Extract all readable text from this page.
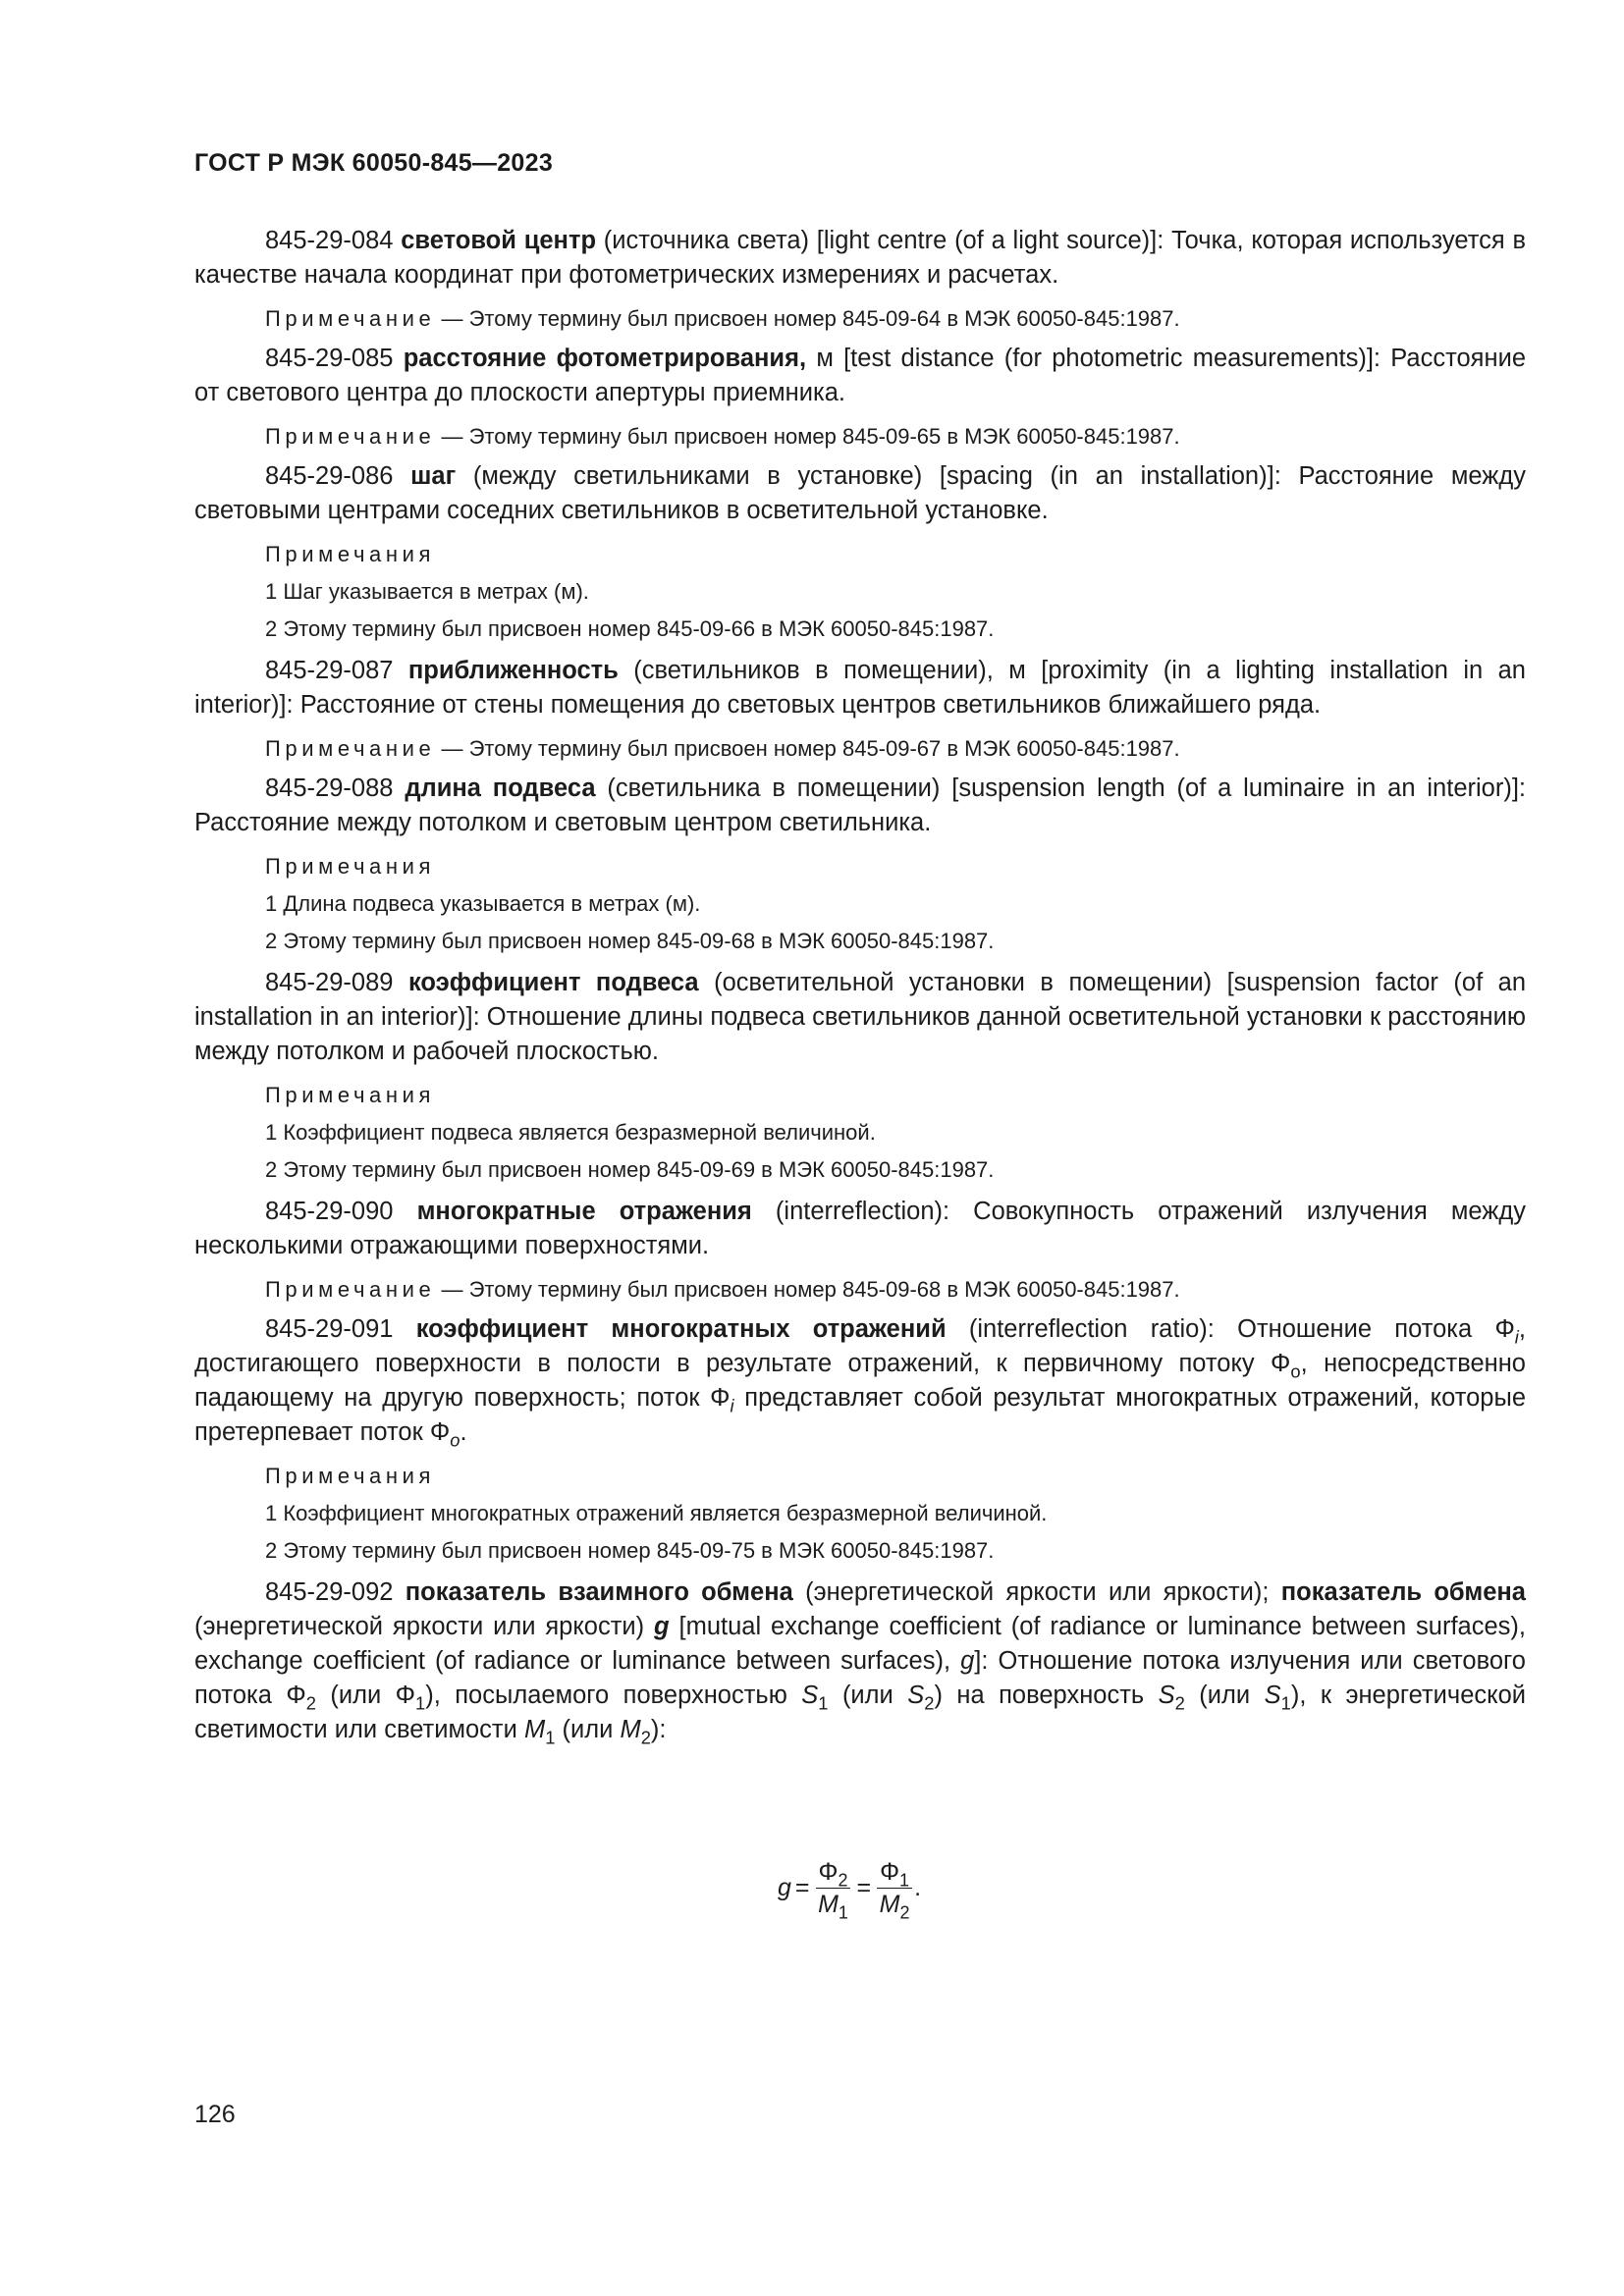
ГОСТ Р МЭК 60050-845—2023

845-29-084 световой центр (источника света) [light centre (of a light source)]: Точка, которая используется в качестве начала координат при фотометрических измерениях и расчетах.

Примечание — Этому термину был присвоен номер 845-09-64 в МЭК 60050-845:1987.

845-29-085 расстояние фотометрирования, м [test distance (for photometric measurements)]: Расстояние от светового центра до плоскости апертуры приемника.

Примечание — Этому термину был присвоен номер 845-09-65 в МЭК 60050-845:1987.

845-29-086 шаг (между светильниками в установке) [spacing (in an installation)]: Расстояние между световыми центрами соседних светильников в осветительной установке.

Примечания
1 Шаг указывается в метрах (м).
2 Этому термину был присвоен номер 845-09-66 в МЭК 60050-845:1987.

845-29-087 приближенность (светильников в помещении), м [proximity (in a lighting installation in an interior)]: Расстояние от стены помещения до световых центров светильников ближайшего ряда.

Примечание — Этому термину был присвоен номер 845-09-67 в МЭК 60050-845:1987.

845-29-088 длина подвеса (светильника в помещении) [suspension length (of a luminaire in an interior)]: Расстояние между потолком и световым центром светильника.

Примечания
1 Длина подвеса указывается в метрах (м).
2 Этому термину был присвоен номер 845-09-68 в МЭК 60050-845:1987.

845-29-089 коэффициент подвеса (осветительной установки в помещении) [suspension factor (of an installation in an interior)]: Отношение длины подвеса светильников данной осветительной установки к расстоянию между потолком и рабочей плоскостью.

Примечания
1 Коэффициент подвеса является безразмерной величиной.
2 Этому термину был присвоен номер 845-09-69 в МЭК 60050-845:1987.

845-29-090 многократные отражения (interreflection): Совокупность отражений излучения между несколькими отражающими поверхностями.

Примечание — Этому термину был присвоен номер 845-09-68 в МЭК 60050-845:1987.

845-29-091 коэффициент многократных отражений (interreflection ratio): Отношение потока $\Phi_i$, достигающего поверхности в полости в результате отражений, к первичному потоку $\Phi_o$, непосредственно падающему на другую поверхность; поток $\Phi_i$ представляет собой результат многократных отражений, которые претерпевает поток $\Phi_o$.

Примечания
1 Коэффициент многократных отражений является безразмерной величиной.
2 Этому термину был присвоен номер 845-09-75 в МЭК 60050-845:1987.

845-29-092 показатель взаимного обмена (энергетической яркости или яркости); показатель обмена (энергетической яркости или яркости) g [mutual exchange coefficient (of radiance or luminance between surfaces), exchange coefficient (of radiance or luminance between surfaces), g]: Отношение потока излучения или светового потока $\Phi_2$ (или $\Phi_1$), посылаемого поверхностью $S_1$ (или $S_2$) на поверхность $S_2$ (или $S_1$), к энергетической светимости или светимости $M_1$ (или $M_2$):

$g = \frac{\Phi_2}{M_1} = \frac{\Phi_1}{M_2}$ .
126
